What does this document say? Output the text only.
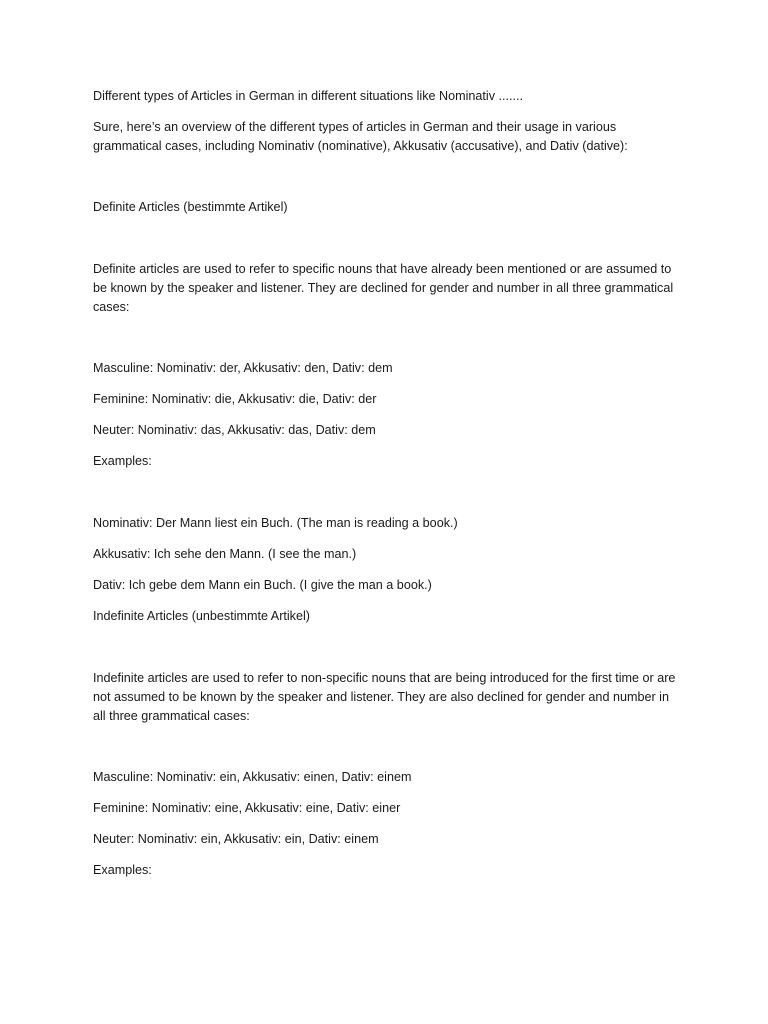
Different types of Articles in German in different situations like Nominativ .......

Sure, here’s an overview of the different types of articles in German and their usage in various grammatical cases, including Nominativ (nominative), Akkusativ (accusative), and Dativ (dative):

Definite Articles (bestimmte Artikel)

Definite articles are used to refer to specific nouns that have already been mentioned or are assumed to be known by the speaker and listener. They are declined for gender and number in all three grammatical cases:

Masculine: Nominativ: der, Akkusativ: den, Dativ: dem

Feminine: Nominativ: die, Akkusativ: die, Dativ: der

Neuter: Nominativ: das, Akkusativ: das, Dativ: dem

Examples:

Nominativ: Der Mann liest ein Buch. (The man is reading a book.)

Akkusativ: Ich sehe den Mann. (I see the man.)

Dativ: Ich gebe dem Mann ein Buch. (I give the man a book.)

Indefinite Articles (unbestimmte Artikel)

Indefinite articles are used to refer to non-specific nouns that are being introduced for the first time or are not assumed to be known by the speaker and listener. They are also declined for gender and number in all three grammatical cases:

Masculine: Nominativ: ein, Akkusativ: einen, Dativ: einem

Feminine: Nominativ: eine, Akkusativ: eine, Dativ: einer

Neuter: Nominativ: ein, Akkusativ: ein, Dativ: einem

Examples:
